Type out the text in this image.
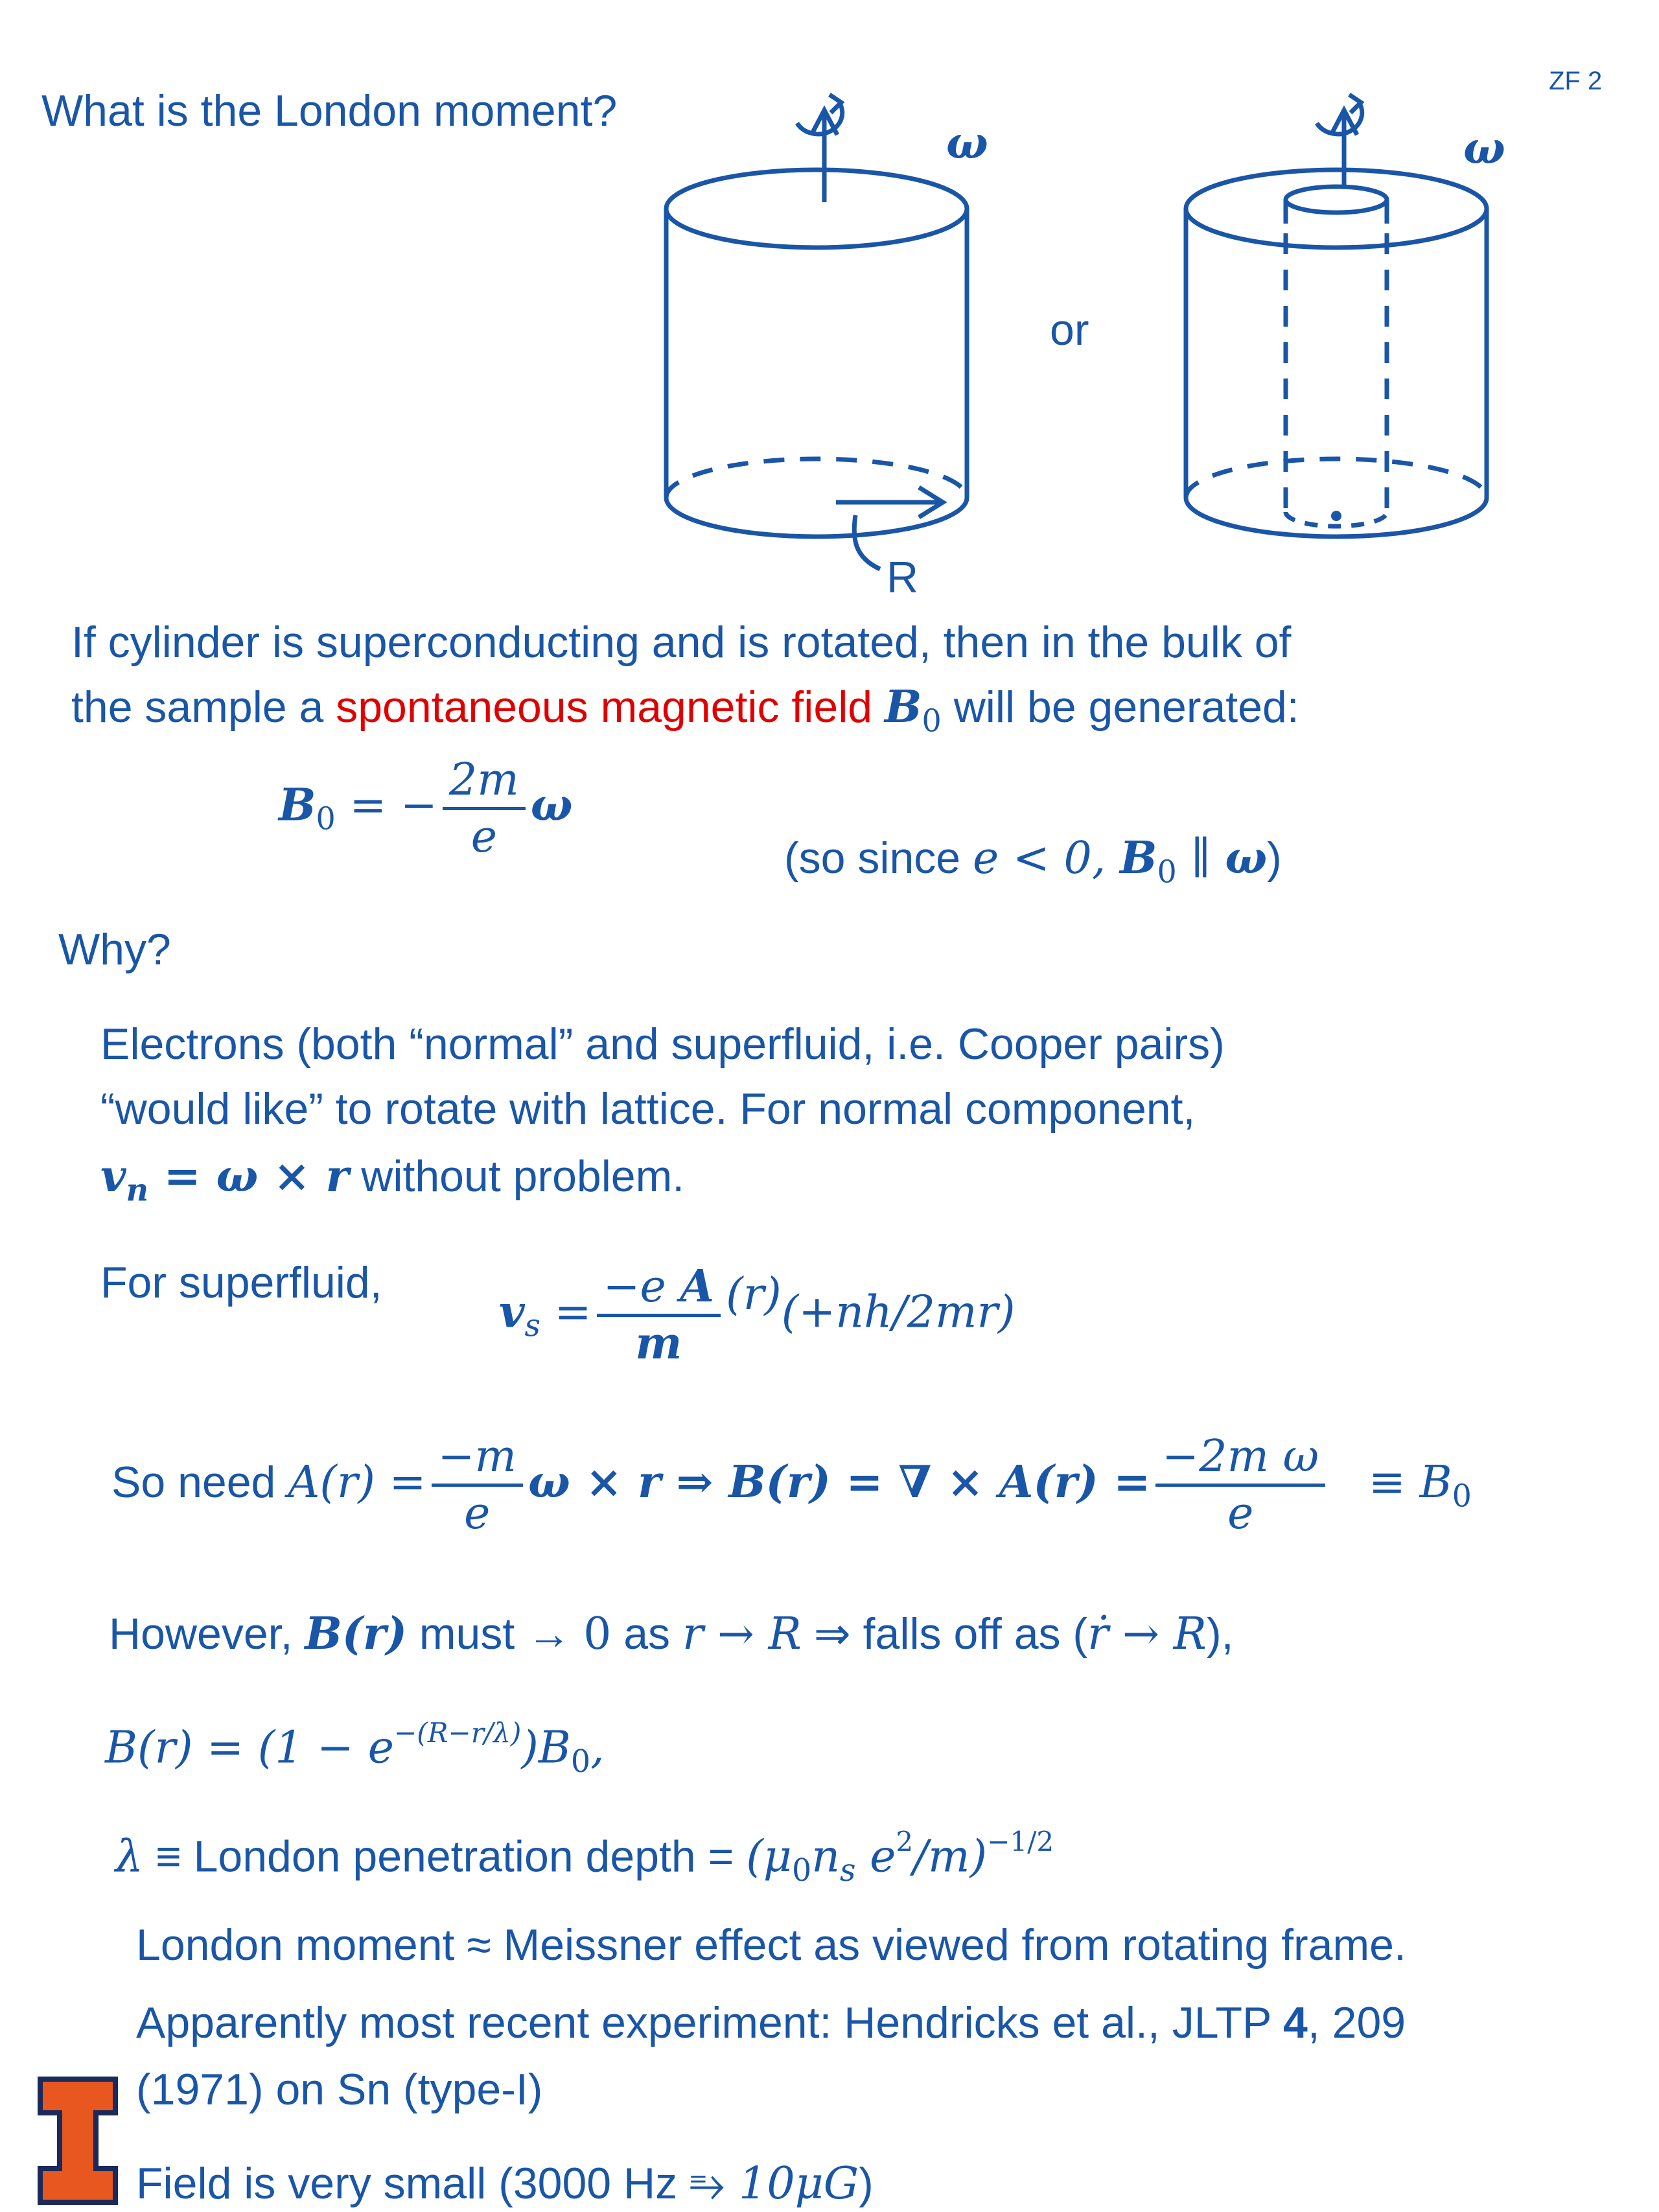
ZF 2
What is the London moment?
ω	ω
or
R
If cylinder is superconducting and is rotated, then in the bulk of
the sample a spontaneous magnetic field $B_0$ will be generated:
$B_0$ = − $\frac{2m}{e}$ ω
(so since e < 0, $B_0$ ∥ ω)
Why?
Electrons (both “normal” and superfluid, i.e. Cooper pairs)
“would like” to rotate with lattice. For normal component,
$v_n = \omega \times r$ without problem.
For superfluid,
$v_s = \frac{\text{−e A}}{m} (r)(+nh/2mr)$
So need $A(r) = \frac{-m}{e}$ ω × r ⇒ B(r) = ∇ × $A(r) = \frac{\text{−2m ω}}{e} \equiv B_0$
However, B(r) must → 0 as r → R ⇒ falls off as (ṙ → R),
$B(r) = (1 - e^{-(R-r/\lambda)})B_0$,
λ ≡ London penetration depth = ($\mu_0n_s$ $e^2/m)^{-1/2}$
London moment ≈ Meissner effect as viewed from rotating frame.
Apparently most recent experiment: Hendricks et al., JLTP 4, 209
(1971) on Sn (type-I)
Field is very small (3000 Hz ⥱ 10μG)
